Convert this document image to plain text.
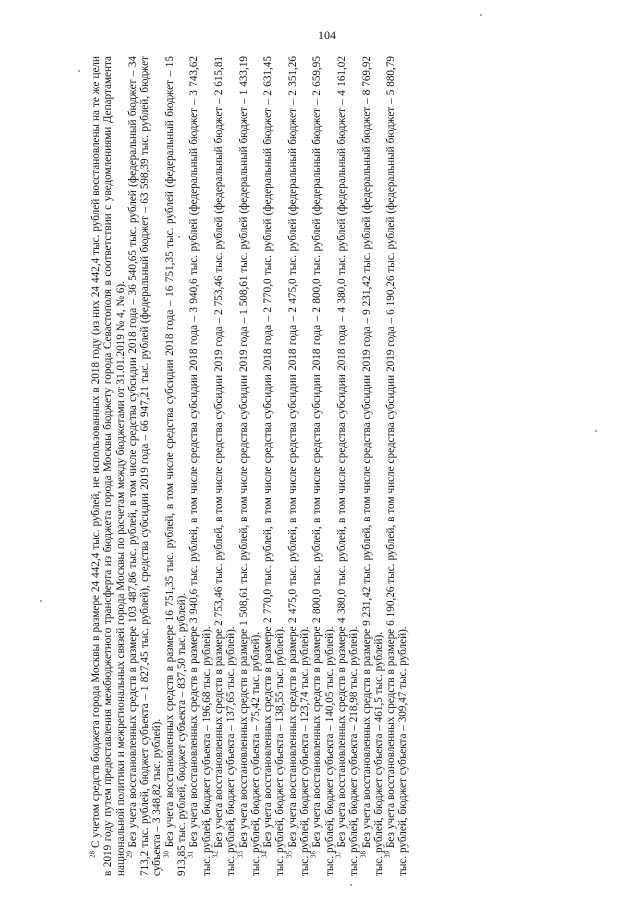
104

$^{28}$ С учетом средств бюджета города Москвы в размере 24 442,4 тыс. рублей, не использованных в 2018 году (из них 24 442,4 тыс. рублей восстановлены на те же цели в 2019 году путем предоставления межбюджетного трансферта из бюджета города Москвы бюджету города Севастополя в соответствии с уведомлениями Департамента национальной политики и межрегиональных связей города Москвы по расчетам между бюджетами от 31.01.2019 № 4, № 6).

$^{29}$ Без учета восстановленных средств в размере 103 487,86 тыс. рублей, в том числе средства субсидии 2018 года – 36 540,65 тыс. рублей (федеральный бюджет – 34 713,2 тыс. рублей, бюджет субъекта – 1 827,45 тыс. рублей), средства субсидии 2019 года – 66 947,21 тыс. рублей (федеральный бюджет – 63 598,39 тыс. рублей, бюджет субъекта – 3 348,82 тыс. рублей).

$^{30}$ Без учета восстановленных средств в размере 16 751,35 тыс. рублей, в том числе средства субсидии 2018 года – 16 751,35 тыс. рублей (федеральный бюджет – 15 913,85 тыс. рублей, бюджет субъекта – 837,50 тыс. рублей).

$^{31}$ Без учета восстановленных средств в размере 3 940,6 тыс. рублей, в том числе средства субсидии 2018 года – 3 940,6 тыс. рублей (федеральный бюджет – 3 743,62 тыс. рублей, бюджет субъекта – 196,68 тыс. рублей).

$^{32}$ Без учета восстановленных средств в размере 2 753,46 тыс. рублей, в том числе средства субсидии 2019 года – 2 753,46 тыс. рублей (федеральный бюджет – 2 615,81 тыс. рублей, бюджет субъекта – 137,65 тыс. рублей).

$^{33}$ Без учета восстановленных средств в размере 1 508,61 тыс. рублей, в том числе средства субсидии 2019 года – 1 508,61 тыс. рублей (федеральный бюджет – 1 433,19 тыс. рублей, бюджет субъекта – 75,42 тыс. рублей).

$^{34}$ Без учета восстановленных средств в размере 2 770,0 тыс. рублей, в том числе средства субсидии 2018 года – 2 770,0 тыс. рублей (федеральный бюджет – 2 631,45 тыс. рублей, бюджет субъекта – 138,55 тыс. рублей).

$^{35}$ Без учета восстановленных средств в размере 2 475,0 тыс. рублей, в том числе средства субсидии 2018 года – 2 475,0 тыс. рублей (федеральный бюджет – 2 351,26 тыс. рублей, бюджет субъекта – 123,74 тыс. рублей).

$^{36}$ Без учета восстановленных средств в размере 2 800,0 тыс. рублей, в том числе средства субсидии 2018 года – 2 800,0 тыс. рублей (федеральный бюджет – 2 659,95 тыс. рублей, бюджет субъекта – 140,05 тыс. рублей).

$^{37}$ Без учета восстановленных средств в размере 4 380,0 тыс. рублей, в том числе средства субсидии 2018 года – 4 380,0 тыс. рублей (федеральный бюджет – 4 161,02 тыс. рублей, бюджет субъекта – 218,98 тыс. рублей).

$^{38}$ Без учета восстановленных средств в размере 9 231,42 тыс. рублей, в том числе средства субсидии 2019 года – 9 231,42 тыс. рублей (федеральный бюджет – 8 769,92 тыс. рублей, бюджет субъекта – 461,5 тыс. рублей).

$^{39}$ Без учета восстановленных средств в размере 6 190,26 тыс. рублей, в том числе средства субсидии 2019 года – 6 190,26 тыс. рублей (федеральный бюджет – 5 880,79 тыс. рублей, бюджет субъекта – 309,47 тыс. рублей).
